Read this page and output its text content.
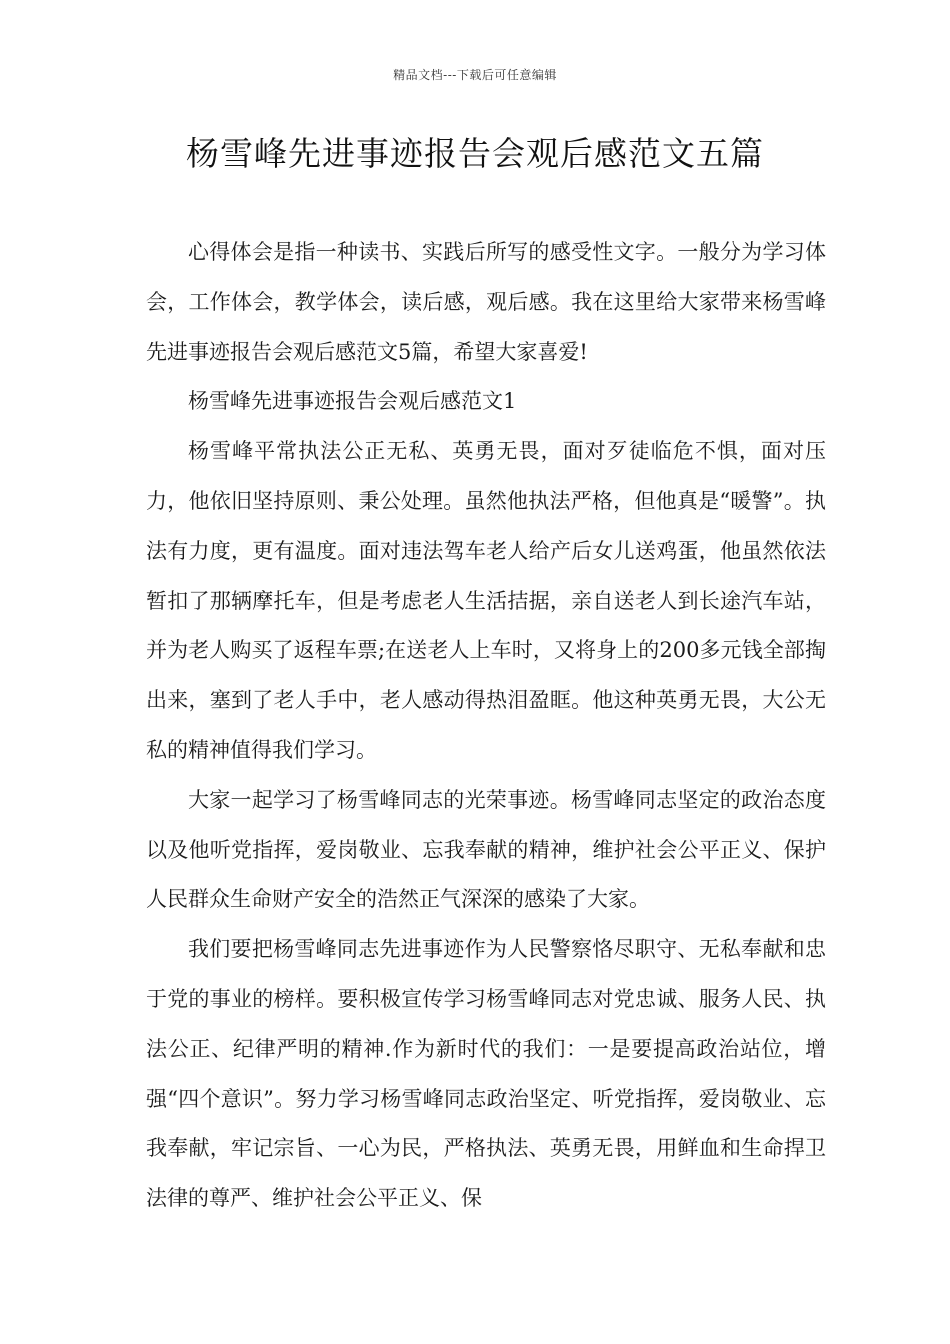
精品文档---下载后可任意编辑
杨雪峰先进事迹报告会观后感范文五篇

心得体会是指一种读书、实践后所写的感受性文字。一般分为学习体会，工作体会，教学体会，读后感，观后感。我在这里给大家带来杨雪峰先进事迹报告会观后感范文5篇，希望大家喜爱!

杨雪峰先进事迹报告会观后感范文1

杨雪峰平常执法公正无私、英勇无畏，面对歹徒临危不惧，面对压力，他依旧坚持原则、秉公处理。虽然他执法严格，但他真是“暖警”。执法有力度，更有温度。面对违法驾车老人给产后女儿送鸡蛋，他虽然依法暂扣了那辆摩托车，但是考虑老人生活拮据，亲自送老人到长途汽车站，并为老人购买了返程车票;在送老人上车时，又将身上的200多元钱全部掏出来，塞到了老人手中，老人感动得热泪盈眶。他这种英勇无畏，大公无私的精神值得我们学习。

大家一起学习了杨雪峰同志的光荣事迹。杨雪峰同志坚定的政治态度以及他听党指挥，爱岗敬业、忘我奉献的精神，维护社会公平正义、保护人民群众生命财产安全的浩然正气深深的感染了大家。

我们要把杨雪峰同志先进事迹作为人民警察恪尽职守、无私奉献和忠于党的事业的榜样。要积极宣传学习杨雪峰同志对党忠诚、服务人民、执法公正、纪律严明的精神.作为新时代的我们：一是要提高政治站位，增强“四个意识”。努力学习杨雪峰同志政治坚定、听党指挥，爱岗敬业、忘我奉献，牢记宗旨、一心为民，严格执法、英勇无畏，用鲜血和生命捍卫法律的尊严、维护社会公平正义、保
